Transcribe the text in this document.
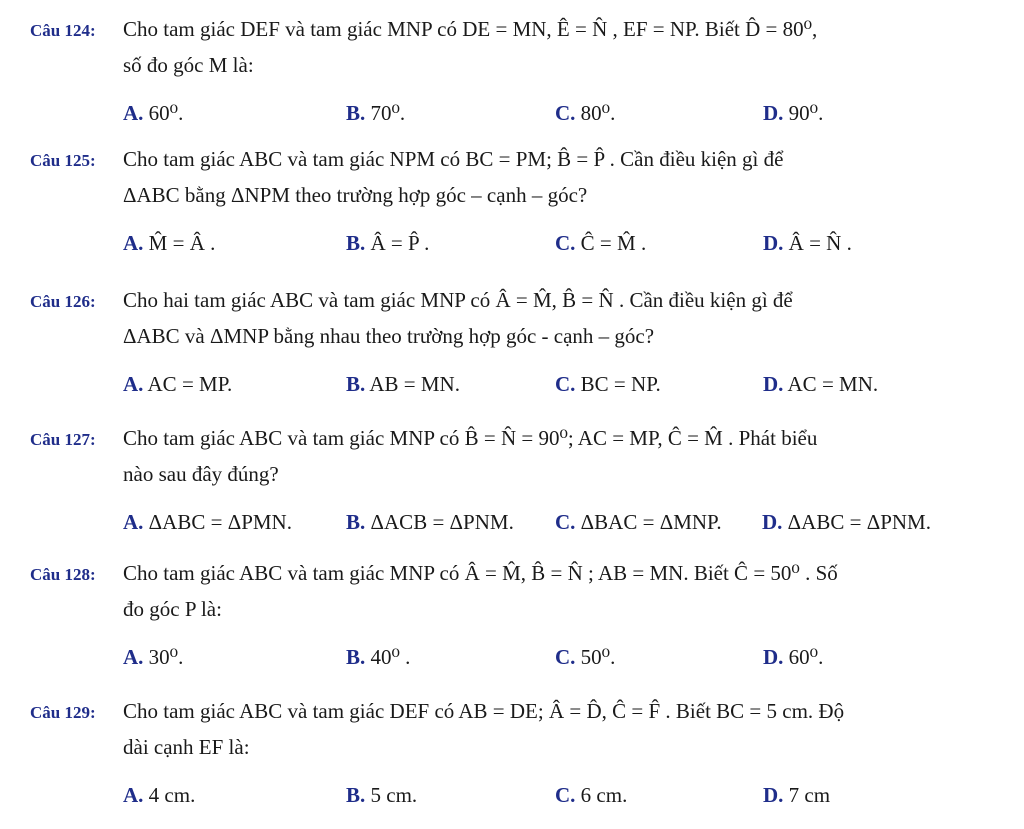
Câu 124: Cho tam giác DEF và tam giác MNP có DE = MN, Ê = N̂ , EF = NP. Biết D̂ = 80⁰,
số đo góc M là:
A. 60⁰.	B. 70⁰.	C. 80⁰.	D. 90⁰.
Câu 125: Cho tam giác ABC và tam giác NPM có BC = PM; B̂ = P̂ . Cần điều kiện gì để
ΔABC bằng ΔNPM theo trường hợp góc – cạnh – góc?
A. M̂ = Â .	B. Â = P̂ .	C. Ĉ = M̂ .	D. Â = N̂ .
Câu 126: Cho hai tam giác ABC và tam giác MNP có Â = M̂, B̂ = N̂ . Cần điều kiện gì để
ΔABC và ΔMNP bằng nhau theo trường hợp góc - cạnh – góc?
A. AC = MP.	B. AB = MN.	C. BC = NP.	D. AC = MN.
Câu 127: Cho tam giác ABC và tam giác MNP có B̂ = N̂ = 90⁰; AC = MP, Ĉ = M̂ . Phát biểu
nào sau đây đúng?
A. ΔABC = ΔPMN.	B. ΔACB = ΔPNM. C. ΔBAC = ΔMNP. D. ΔABC = ΔPNM.
Câu 128: Cho tam giác ABC và tam giác MNP có Â = M̂, B̂ = N̂ ; AB = MN. Biết Ĉ = 50⁰ . Số
đo góc P là:
A. 30⁰.	B. 40⁰ .	C. 50⁰.	D. 60⁰.
Câu 129: Cho tam giác ABC và tam giác DEF có AB = DE; Â = D̂, Ĉ = F̂ . Biết BC = 5 cm. Độ
dài cạnh EF là:
A. 4 cm.	B. 5 cm.	C. 6 cm.	D. 7 cm
